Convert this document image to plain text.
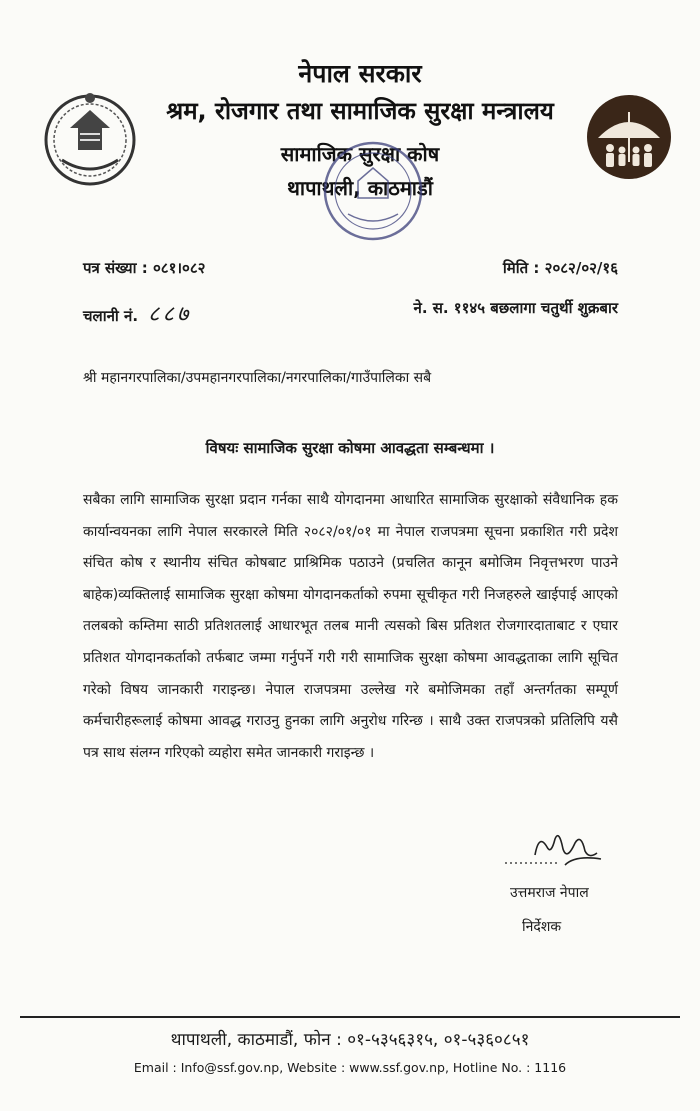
नेपाल सरकार
श्रम, रोजगार तथा सामाजिक सुरक्षा मन्त्रालय
सामाजिक सुरक्षा कोष
थापाथली, काठमाडौं
पत्र संख्या : ०८१।०८२
चलानी नं. ८८७
मिति : २०८२/०२/१६
ने. स. ११४५ बछलागा चतुर्थी शुक्रबार
श्री महानगरपालिका/उपमहानगरपालिका/नगरपालिका/गाउँपालिका सबै
विषयः सामाजिक सुरक्षा कोषमा आवद्धता सम्बन्धमा ।
सबैका लागि सामाजिक सुरक्षा प्रदान गर्नका साथै योगदानमा आधारित सामाजिक सुरक्षाको संवैधानिक हक कार्यान्वयनका लागि नेपाल सरकारले मिति २०८२/०१/०१ मा नेपाल राजपत्रमा सूचना प्रकाशित गरी प्रदेश संचित कोष र स्थानीय संचित कोषबाट प्राश्रिमिक पठाउने (प्रचलित कानून बमोजिम निवृत्तभरण पाउने बाहेक)व्यक्तिलाई सामाजिक सुरक्षा कोषमा योगदानकर्ताको रुपमा सूचीकृत गरी निजहरुले खाईपाई आएको तलबको कम्तिमा साठी प्रतिशतलाई आधारभूत तलब मानी त्यसको बिस प्रतिशत रोजगारदाताबाट र एघार प्रतिशत योगदानकर्ताको तर्फबाट जम्मा गर्नुपर्ने गरी गरी सामाजिक सुरक्षा कोषमा आवद्धताका लागि सूचित गरेको विषय जानकारी गराइन्छ। नेपाल राजपत्रमा उल्लेख गरे बमोजिमका तहाँ अन्तर्गतका सम्पूर्ण कर्मचारीहरूलाई कोषमा आवद्ध गराउनु हुनका लागि अनुरोध गरिन्छ । साथै उक्त राजपत्रको प्रतिलिपि यसै पत्र साथ संलग्न गरिएको व्यहोरा समेत जानकारी गराइन्छ ।
उत्तमराज नेपाल
निर्देशक
थापाथली, काठमाडौं, फोन : ०१-५३५६३१५, ०१-५३६०८५१
Email : Info@ssf.gov.np, Website : www.ssf.gov.np, Hotline No. : 1116
